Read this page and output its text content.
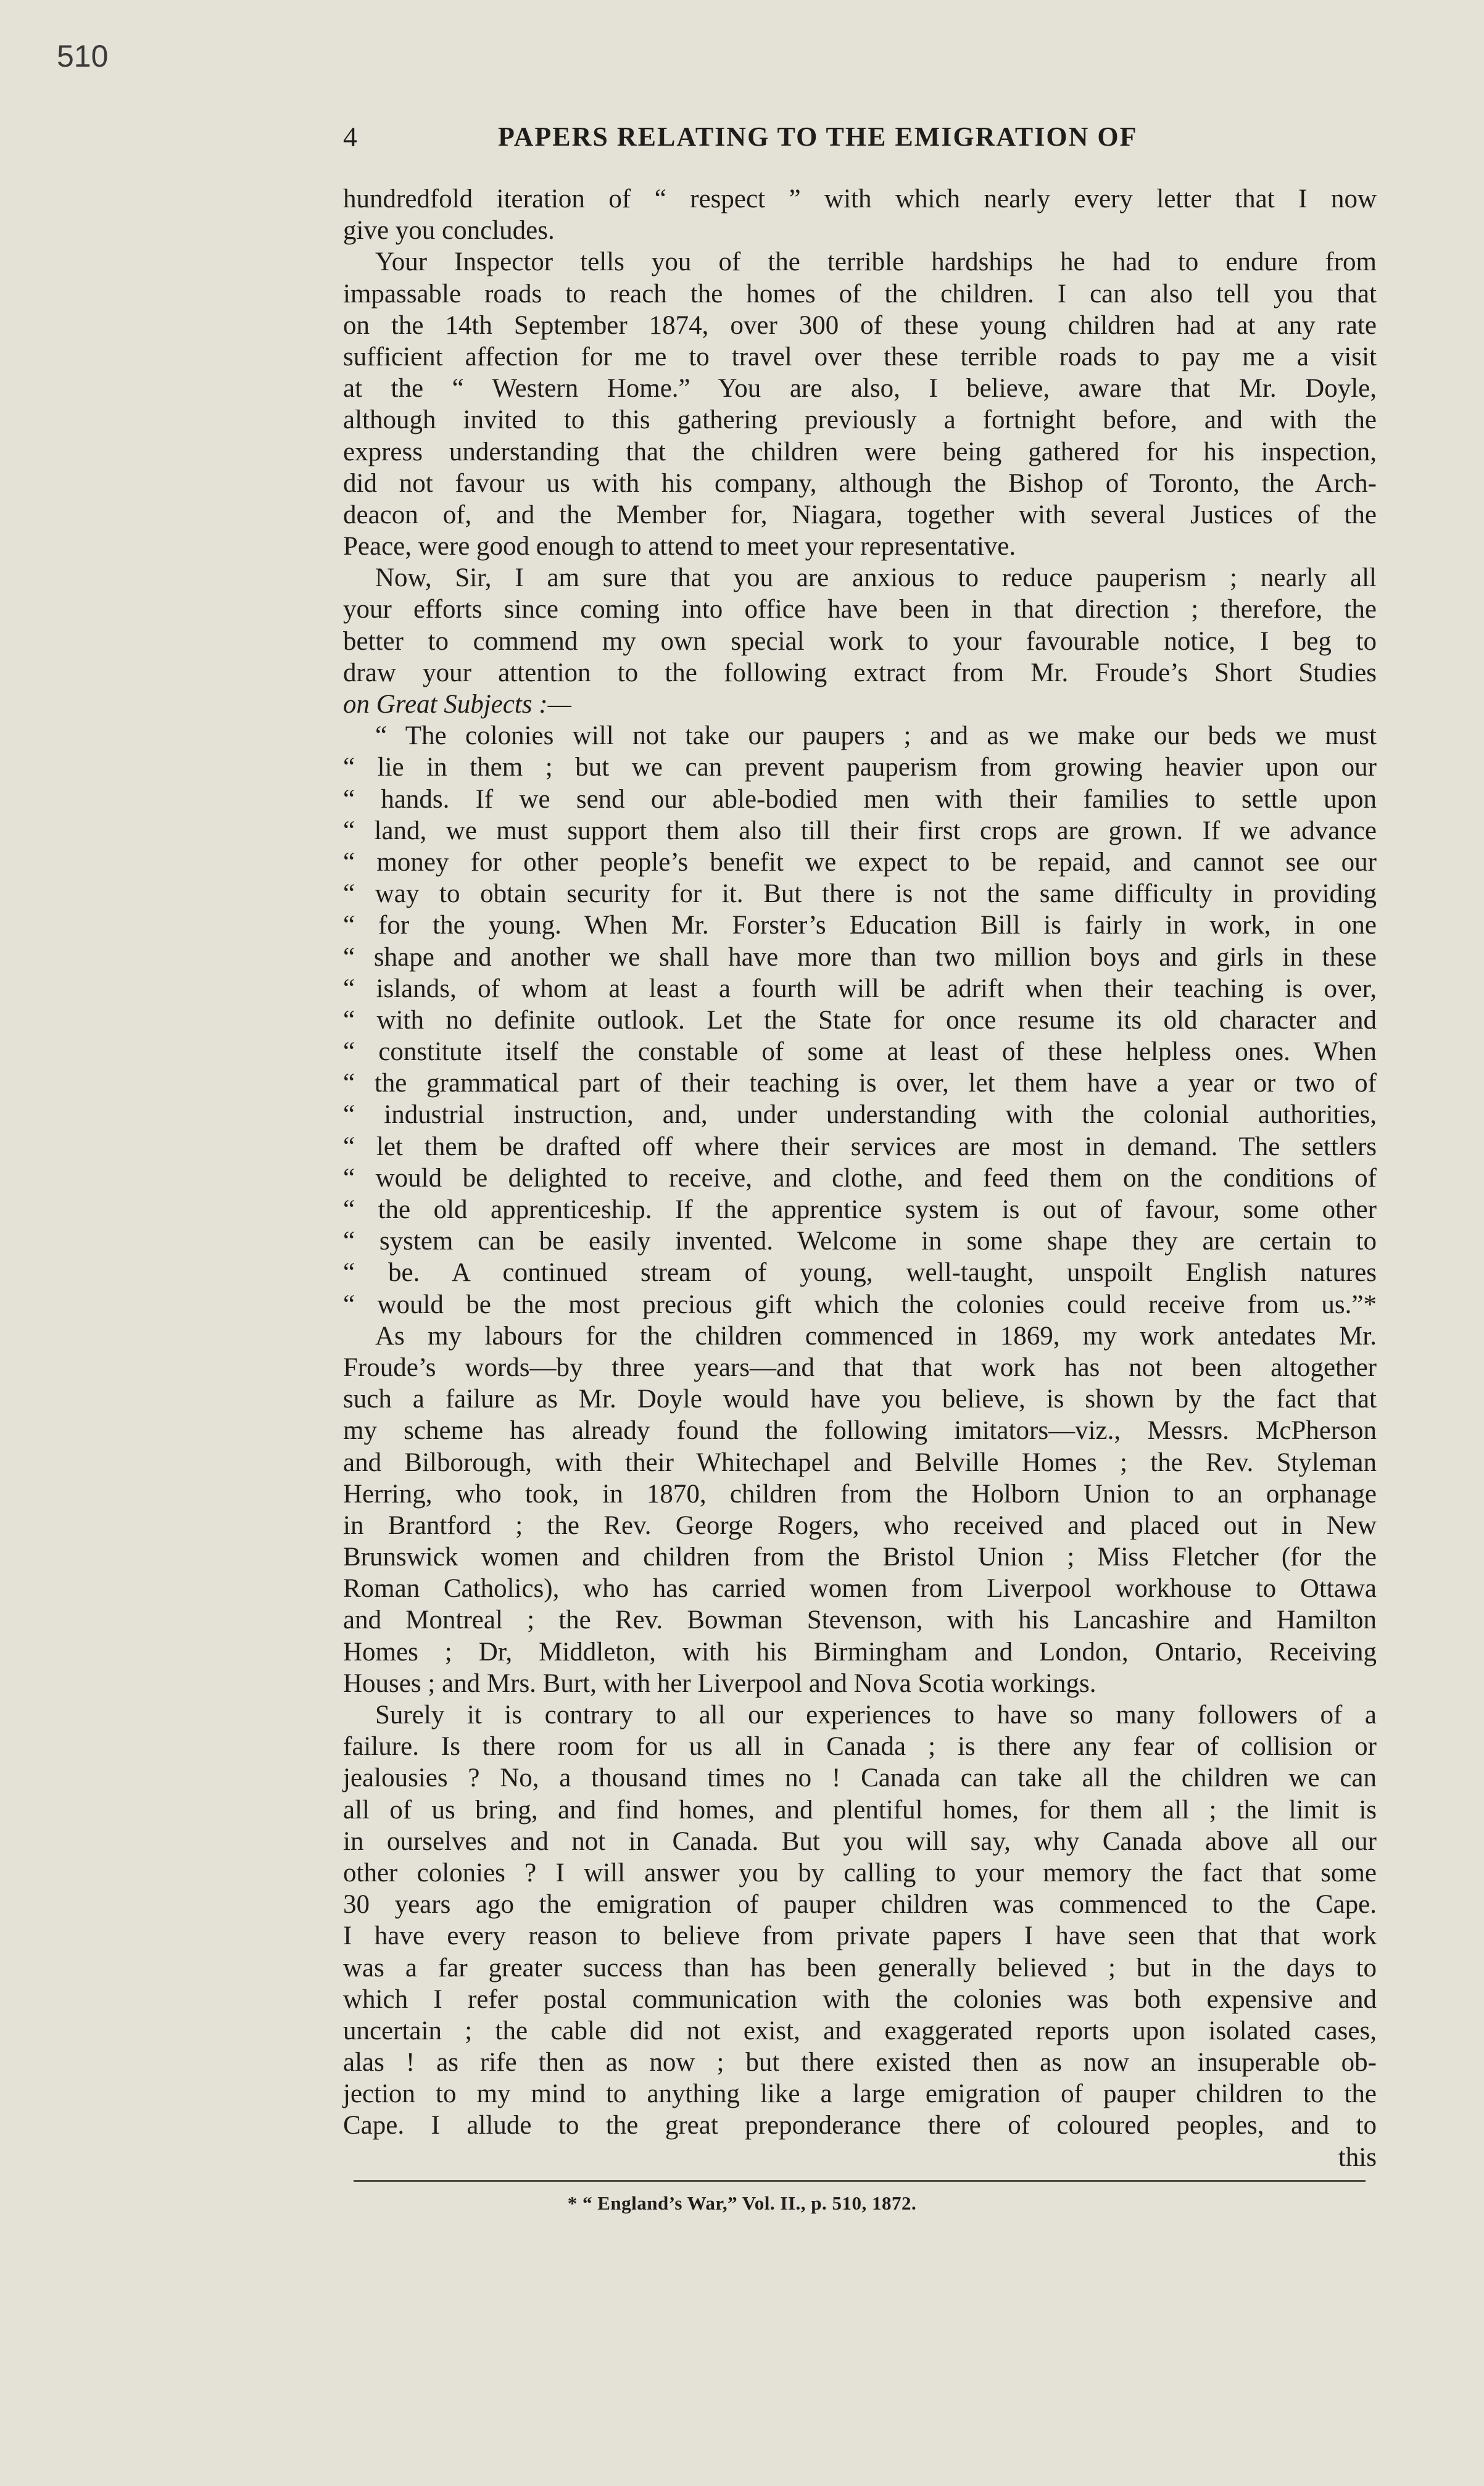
510
4	PAPERS RELATING TO THE EMIGRATION OF
hundredfold iteration of “ respect ” with which nearly every letter that I now
give you concludes.
Your Inspector tells you of the terrible hardships he had to endure from
impassable roads to reach the homes of the children. I can also tell you that
on the 14th September 1874, over 300 of these young children had at any rate
sufficient affection for me to travel over these terrible roads to pay me a visit
at the “ Western Home.” You are also, I believe, aware that Mr. Doyle,
although invited to this gathering previously a fortnight before, and with the
express understanding that the children were being gathered for his inspection,
did not favour us with his company, although the Bishop of Toronto, the Arch-
deacon of, and the Member for, Niagara, together with several Justices of the
Peace, were good enough to attend to meet your representative.
Now, Sir, I am sure that you are anxious to reduce pauperism ; nearly all
your efforts since coming into office have been in that direction ; therefore, the
better to commend my own special work to your favourable notice, I beg to
draw your attention to the following extract from Mr. Froude’s Short Studies
on Great Subjects :—
“ The colonies will not take our paupers ; and as we make our beds we must
“ lie in them ; but we can prevent pauperism from growing heavier upon our
“ hands. If we send our able-bodied men with their families to settle upon
“ land, we must support them also till their first crops are grown. If we advance
“ money for other people’s benefit we expect to be repaid, and cannot see our
“ way to obtain security for it. But there is not the same difficulty in providing
“ for the young. When Mr. Forster’s Education Bill is fairly in work, in one
“ shape and another we shall have more than two million boys and girls in these
“ islands, of whom at least a fourth will be adrift when their teaching is over,
“ with no definite outlook. Let the State for once resume its old character and
“ constitute itself the constable of some at least of these helpless ones. When
“ the grammatical part of their teaching is over, let them have a year or two of
“ industrial instruction, and, under understanding with the colonial authorities,
“ let them be drafted off where their services are most in demand. The settlers
“ would be delighted to receive, and clothe, and feed them on the conditions of
“ the old apprenticeship. If the apprentice system is out of favour, some other
“ system can be easily invented. Welcome in some shape they are certain to
“ be. A continued stream of young, well-taught, unspoilt English natures
“ would be the most precious gift which the colonies could receive from us.”*
As my labours for the children commenced in 1869, my work antedates Mr.
Froude’s words—by three years—and that that work has not been altogether
such a failure as Mr. Doyle would have you believe, is shown by the fact that
my scheme has already found the following imitators—viz., Messrs. McPherson
and Bilborough, with their Whitechapel and Belville Homes ; the Rev. Styleman
Herring, who took, in 1870, children from the Holborn Union to an orphanage
in Brantford ; the Rev. George Rogers, who received and placed out in New
Brunswick women and children from the Bristol Union ; Miss Fletcher (for the
Roman Catholics), who has carried women from Liverpool workhouse to Ottawa
and Montreal ; the Rev. Bowman Stevenson, with his Lancashire and Hamilton
Homes ; Dr, Middleton, with his Birmingham and London, Ontario, Receiving
Houses ; and Mrs. Burt, with her Liverpool and Nova Scotia workings.
Surely it is contrary to all our experiences to have so many followers of a
failure. Is there room for us all in Canada ; is there any fear of collision or
jealousies ? No, a thousand times no ! Canada can take all the children we can
all of us bring, and find homes, and plentiful homes, for them all ; the limit is
in ourselves and not in Canada. But you will say, why Canada above all our
other colonies ? I will answer you by calling to your memory the fact that some
30 years ago the emigration of pauper children was commenced to the Cape.
I have every reason to believe from private papers I have seen that that work
was a far greater success than has been generally believed ; but in the days to
which I refer postal communication with the colonies was both expensive and
uncertain ; the cable did not exist, and exaggerated reports upon isolated cases,
alas ! as rife then as now ; but there existed then as now an insuperable ob-
jection to my mind to anything like a large emigration of pauper children to the
Cape. I allude to the great preponderance there of coloured peoples, and to
this
* “ England’s War,” Vol. II., p. 510, 1872.
